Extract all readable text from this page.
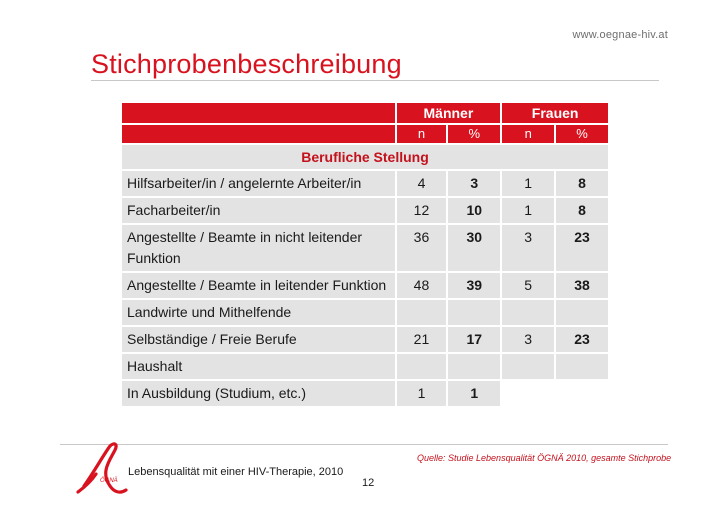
www.oegnae-hiv.at
Stichprobenbeschreibung
	Männer		Frauen	
	n	%	n	%
Berufliche Stellung				
Hilfsarbeiter/in / angelernte Arbeiter/in	4	3	1	8
Facharbeiter/in	12	10	1	8
Angestellte / Beamte in nicht leitender Funktion	36	30	3	23
Angestellte / Beamte in leitender Funktion	48	39	5	38
Landwirte und Mithelfende				
Selbständige / Freie Berufe	21	17	3	23
Haushalt				
In Ausbildung (Studium, etc.)	1	1		
Quelle: Studie Lebensqualität ÖGNÄ 2010, gesamte Stichprobe
ÖGNÄ
Lebensqualität mit einer HIV-Therapie, 2010
12
